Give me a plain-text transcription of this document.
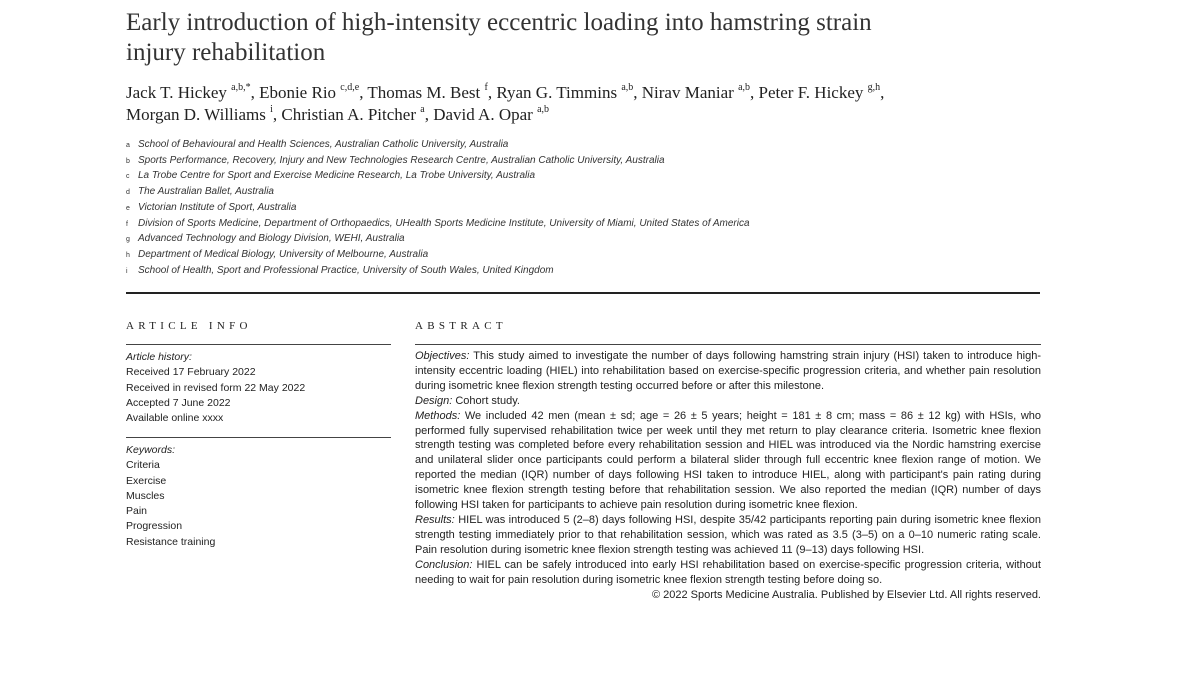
Early introduction of high-intensity eccentric loading into hamstring strain injury rehabilitation
Jack T. Hickey $^{a,b,*}$, Ebonie Rio $^{c,d,e}$, Thomas M. Best $^f$, Ryan G. Timmins $^{a,b}$, Nirav Maniar $^{a,b}$, Peter F. Hickey $^{g,h}$,
Morgan D. Williams $^i$, Christian A. Pitcher $^a$, David A. Opar $^{a,b}$
a School of Behavioural and Health Sciences, Australian Catholic University, Australia
b Sports Performance, Recovery, Injury and New Technologies Research Centre, Australian Catholic University, Australia
c La Trobe Centre for Sport and Exercise Medicine Research, La Trobe University, Australia
d The Australian Ballet, Australia
e Victorian Institute of Sport, Australia
f Division of Sports Medicine, Department of Orthopaedics, UHealth Sports Medicine Institute, University of Miami, United States of America
g Advanced Technology and Biology Division, WEHI, Australia
h Department of Medical Biology, University of Melbourne, Australia
i School of Health, Sport and Professional Practice, University of South Wales, United Kingdom
ARTICLE INFO	ABSTRACT
Article history:
Received 17 February 2022
Received in revised form 22 May 2022
Accepted 7 June 2022
Available online xxxx
Keywords:
Criteria
Exercise
Muscles
Pain
Progression
Resistance training

Objectives: This study aimed to investigate the number of days following hamstring strain injury (HSI) taken to introduce high-intensity eccentric loading (HIEL) into rehabilitation based on exercise-specific progression criteria, and whether pain resolution during isometric knee flexion strength testing occurred before or after this milestone.

Design: Cohort study.

Methods: We included 42 men (mean ± sd; age = 26 ± 5 years; height = 181 ± 8 cm; mass = 86 ± 12 kg) with HSIs, who performed fully supervised rehabilitation twice per week until they met return to play clearance criteria. Isometric knee flexion strength testing was completed before every rehabilitation session and HIEL was introduced via the Nordic hamstring exercise and unilateral slider once participants could perform a bilateral slider through full eccentric knee flexion range of motion. We reported the median (IQR) number of days following HSI taken to introduce HIEL, along with participant's pain rating during isometric knee flexion strength testing before that rehabilitation session. We also reported the median (IQR) number of days following HSI taken for participants to achieve pain resolution during isometric knee flexion.

Results: HIEL was introduced 5 (2–8) days following HSI, despite 35/42 participants reporting pain during isometric knee flexion strength testing immediately prior to that rehabilitation session, which was rated as 3.5 (3–5) on a 0–10 numeric rating scale. Pain resolution during isometric knee flexion strength testing was achieved 11 (9–13) days following HSI.

Conclusion: HIEL can be safely introduced into early HSI rehabilitation based on exercise-specific progression criteria, without needing to wait for pain resolution during isometric knee flexion strength testing before doing so.

© 2022 Sports Medicine Australia. Published by Elsevier Ltd. All rights reserved.
